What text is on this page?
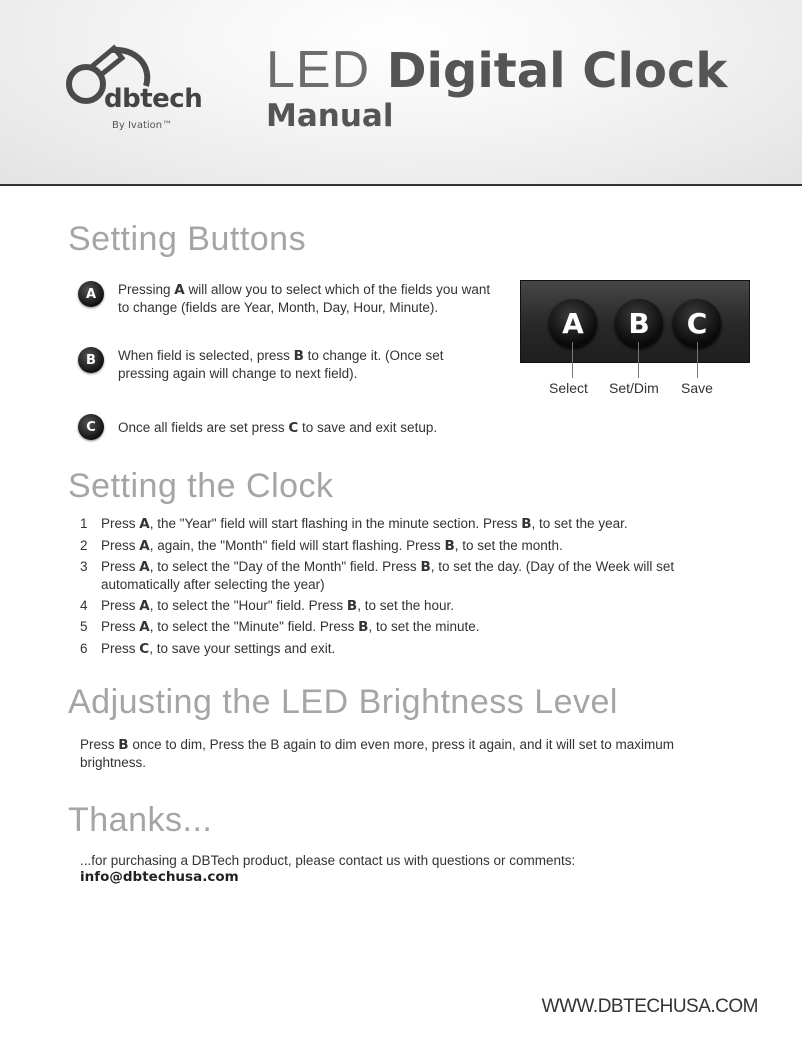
dbtech
By Ivation™
LED Digital Clock
Manual
Setting Buttons
A	Pressing A will allow you to select which of the fields you want to change (fields are Year, Month, Day, Hour, Minute).
B	When field is selected, press B to change it. (Once set pressing again will change to next field).
C	Once all fields are set press C to save and exit setup.
A	B	C
Select Set/Dim Save
Setting the Clock
1 Press A, the "Year" field will start flashing in the minute section. Press B, to set the year.
2 Press A, again, the "Month" field will start flashing. Press B, to set the month.
3 Press A, to select the "Day of the Month" field. Press B, to set the day. (Day of the Week will set automatically after selecting the year)
4 Press A, to select the "Hour" field. Press B, to set the hour.
5 Press A, to select the "Minute" field. Press B, to set the minute.
6 Press C, to save your settings and exit.
Adjusting the LED Brightness Level
Press B once to dim, Press the B again to dim even more, press it again, and it will set to maximum brightness.
Thanks...
...for purchasing a DBTech product, please contact us with questions or comments:
info@dbtechusa.com
WWW.DBTECHUSA.COM
